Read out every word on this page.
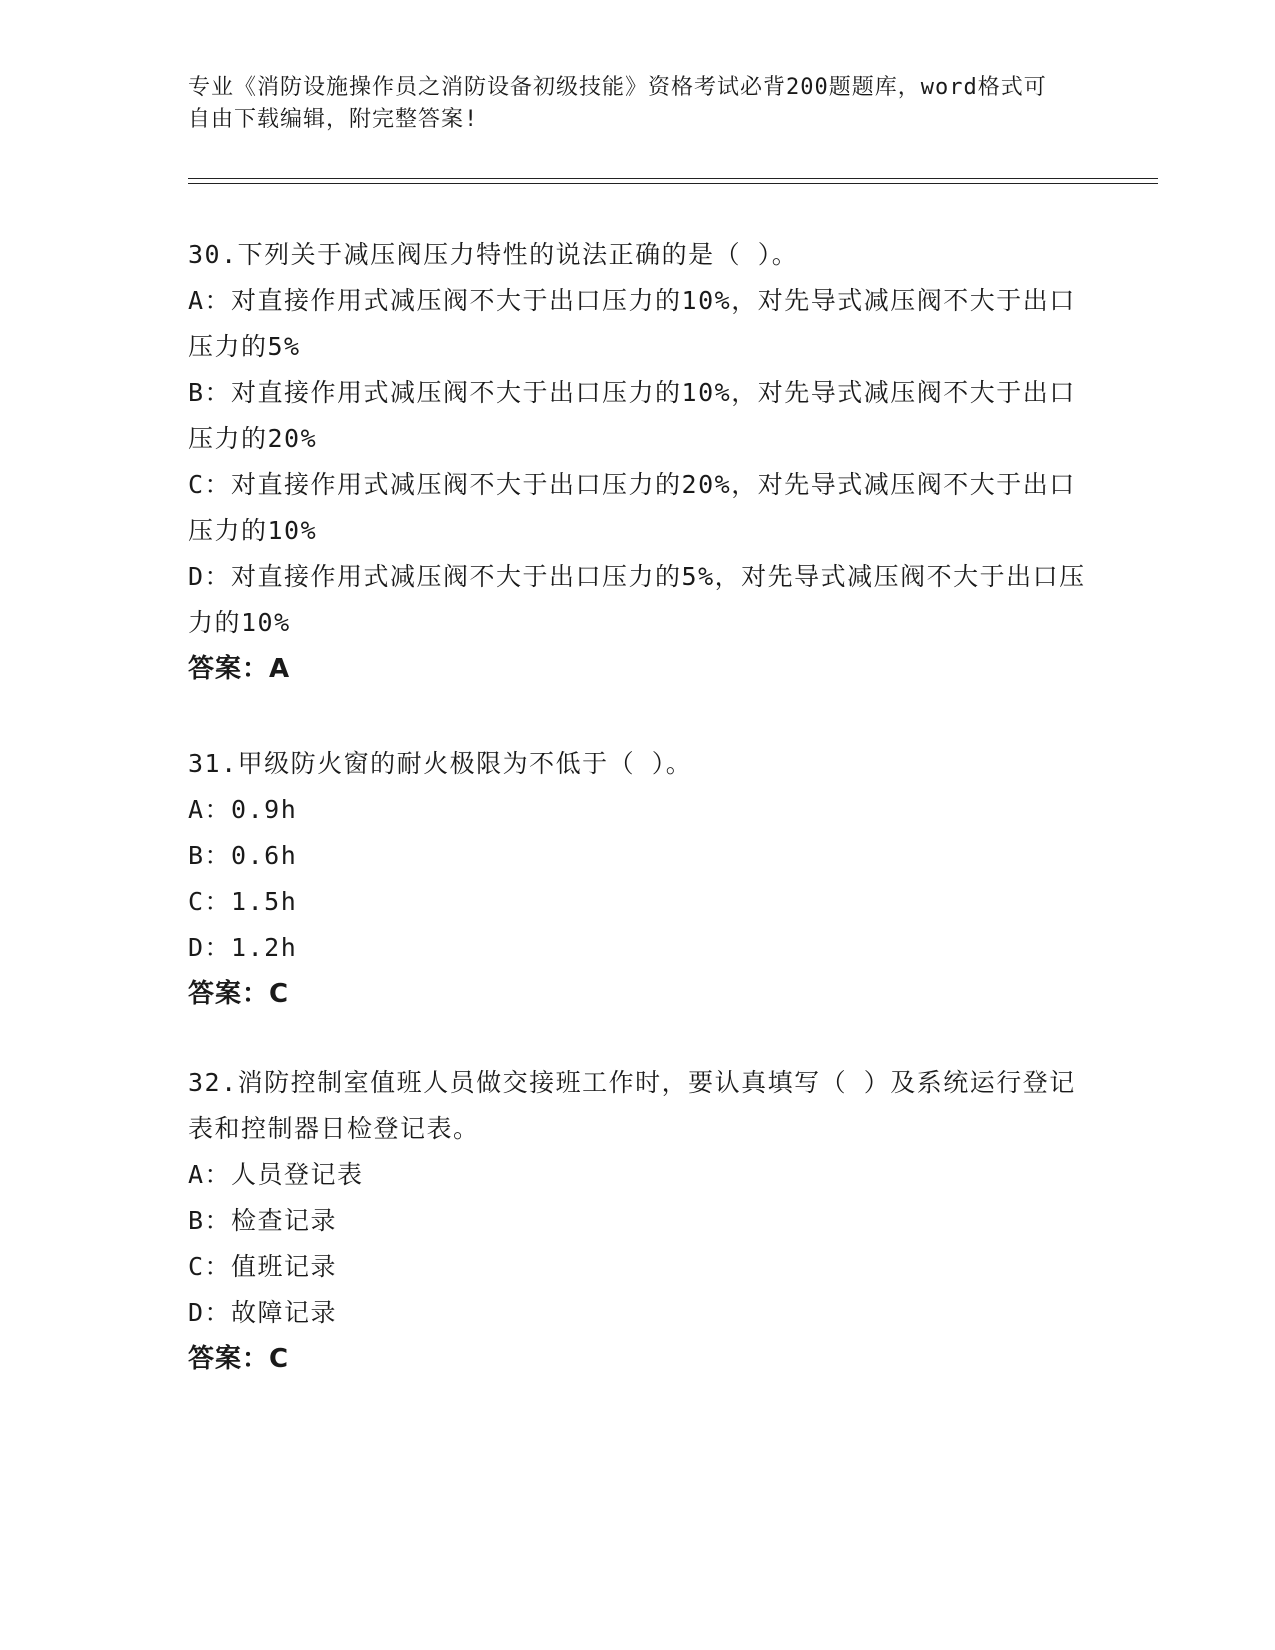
专业《消防设施操作员之消防设备初级技能》资格考试必背200题题库，word格式可自由下载编辑，附完整答案!

30.下列关于减压阀压力特性的说法正确的是（ ）。

A：对直接作用式减压阀不大于出口压力的10%，对先导式减压阀不大于出口压力的5%

B：对直接作用式减压阀不大于出口压力的10%，对先导式减压阀不大于出口压力的20%

C：对直接作用式减压阀不大于出口压力的20%，对先导式减压阀不大于出口压力的10%

D：对直接作用式减压阀不大于出口压力的5%，对先导式减压阀不大于出口压力的10%

答案：A

31.甲级防火窗的耐火极限为不低于（ ）。

A：0.9h

B：0.6h

C：1.5h

D：1.2h

答案：C

32.消防控制室值班人员做交接班工作时，要认真填写（ ）及系统运行登记表和控制器日检登记表。

A：人员登记表

B：检查记录

C：值班记录

D：故障记录

答案：C
